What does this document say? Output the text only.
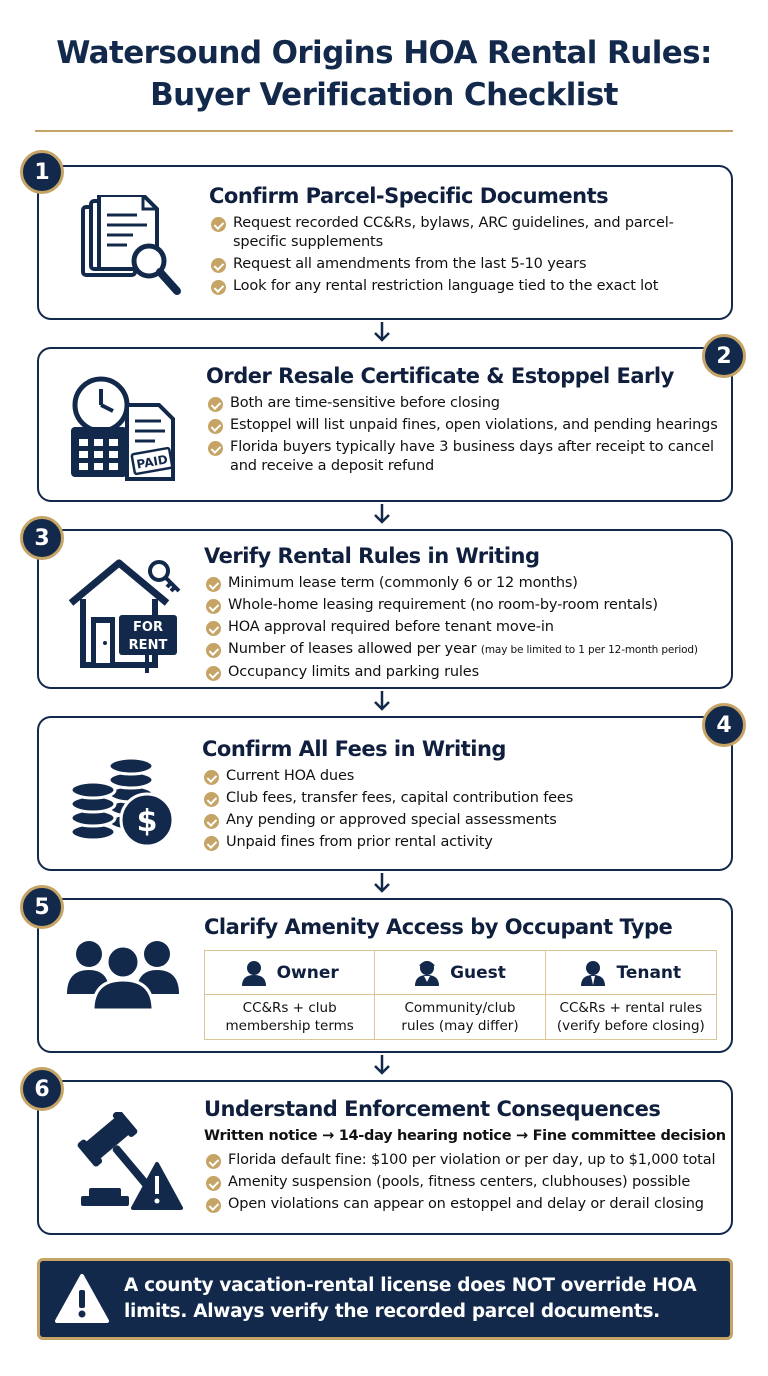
Watersound Origins HOA Rental Rules:
Buyer Verification Checklist
Confirm Parcel-Specific Documents
Request recorded CC&Rs, bylaws, ARC guidelines, and parcel-specific supplements
Request all amendments from the last 5-10 years
Look for any rental restriction language tied to the exact lot
1
PAID
Order Resale Certificate & Estoppel Early
Both are time-sensitive before closing
Estoppel will list unpaid fines, open violations, and pending hearings
Florida buyers typically have 3 business days after receipt to cancel and receive a deposit refund
2
FOR
RENT
Verify Rental Rules in Writing
Minimum lease term (commonly 6 or 12 months)
Whole-home leasing requirement (no room-by-room rentals)
HOA approval required before tenant move-in
Number of leases allowed per year (may be limited to 1 per 12-month period)
Occupancy limits and parking rules
3
$
Confirm All Fees in Writing
Current HOA dues
Club fees, transfer fees, capital contribution fees
Any pending or approved special assessments
Unpaid fines from prior rental activity
4
Clarify Amenity Access by Occupant Type
Owner	Guest	Tenant
CC&Rs + club
membership terms
Community/club
rules (may differ)
CC&Rs + rental rules
(verify before closing)
5
Understand Enforcement Consequences
Written notice → 14-day hearing notice → Fine committee decision
Florida default fine: $100 per violation or per day, up to $1,000 total
Amenity suspension (pools, fitness centers, clubhouses) possible
Open violations can appear on estoppel and delay or derail closing
6
A county vacation-rental license does NOT override HOA
limits. Always verify the recorded parcel documents.
